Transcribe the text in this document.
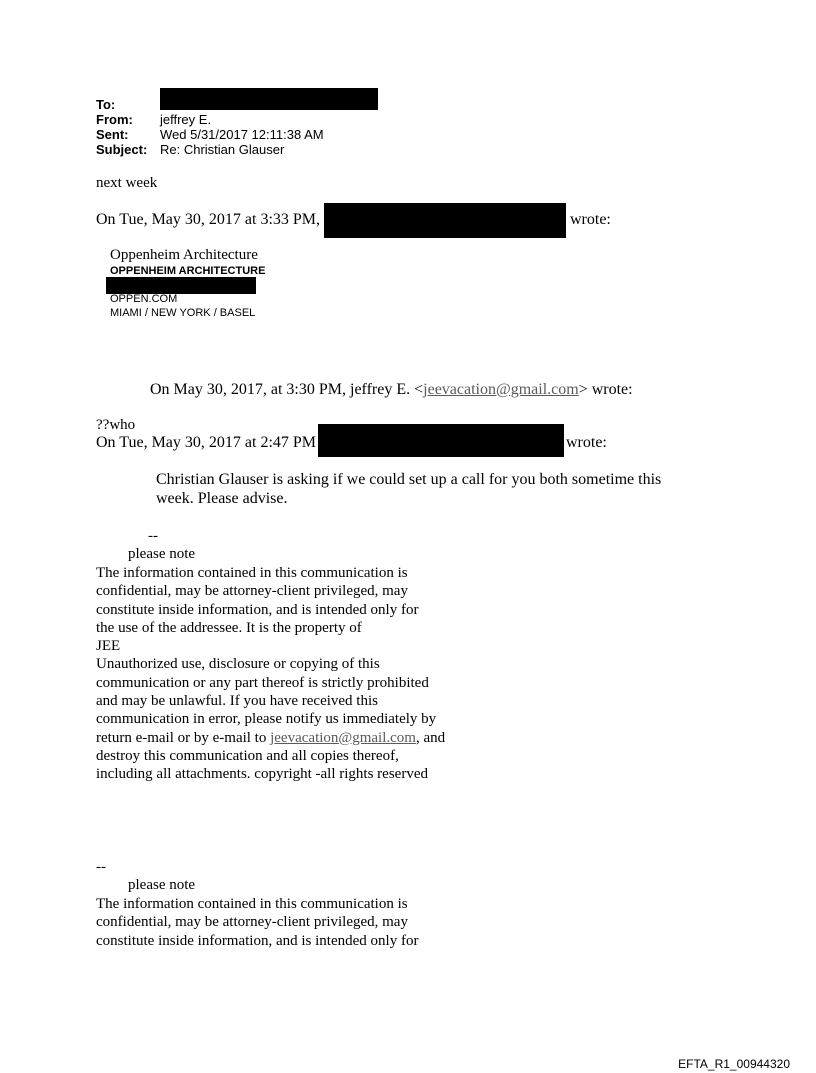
To:
From: jeffrey E.
Sent: Wed 5/31/2017 12:11:38 AM
Subject: Re: Christian Glauser
next week
On Tue, May 30, 2017 at 3:33 PM,	wrote:
Oppenheim Architecture
OPPENHEIM ARCHITECTURE
OPPEN.COM
MIAMI / NEW YORK / BASEL
On May 30, 2017, at 3:30 PM, jeffrey E. <jeevacation@gmail.com> wrote:
??who
On Tue, May 30, 2017 at 2:47 PM	wrote:
Christian Glauser is asking if we could set up a call for you both sometime this
week. Please advise.
--
please note
The information contained in this communication is
confidential, may be attorney-client privileged, may
constitute inside information, and is intended only for
the use of the addressee. It is the property of
JEE
Unauthorized use, disclosure or copying of this
communication or any part thereof is strictly prohibited
and may be unlawful. If you have received this
communication in error, please notify us immediately by
return e-mail or by e-mail to jeevacation@gmail.com, and
destroy this communication and all copies thereof,
including all attachments. copyright -all rights reserved
--
please note
The information contained in this communication is
confidential, may be attorney-client privileged, may
constitute inside information, and is intended only for
EFTA_R1_00944320
